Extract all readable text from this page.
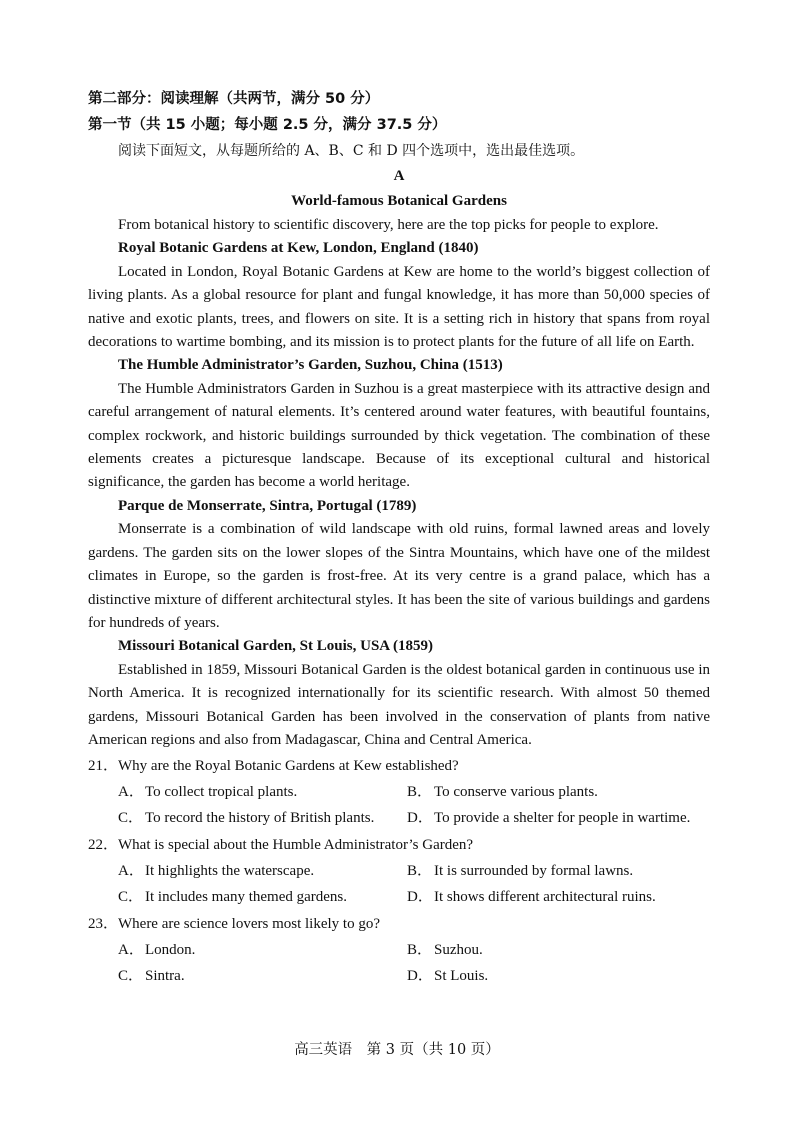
第二部分：阅读理解（共两节，满分 50 分）
第一节（共 15 小题；每小题 2.5 分，满分 37.5 分）
阅读下面短文，从每题所给的 A、B、C 和 D 四个选项中，选出最佳选项。
A
World-famous Botanical Gardens

From botanical history to scientific discovery, here are the top picks for people to explore.

Royal Botanic Gardens at Kew, London, England (1840)

Located in London, Royal Botanic Gardens at Kew are home to the world’s biggest collection of living plants. As a global resource for plant and fungal knowledge, it has more than 50,000 species of native and exotic plants, trees, and flowers on site. It is a setting rich in history that spans from royal decorations to wartime bombing, and its mission is to protect plants for the future of all life on Earth.

The Humble Administrator’s Garden, Suzhou, China (1513)

The Humble Administrators Garden in Suzhou is a great masterpiece with its attractive design and careful arrangement of natural elements. It’s centered around water features, with beautiful fountains, complex rockwork, and historic buildings surrounded by thick vegetation. The combination of these elements creates a picturesque landscape. Because of its exceptional cultural and historical significance, the garden has become a world heritage.

Parque de Monserrate, Sintra, Portugal (1789)

Monserrate is a combination of wild landscape with old ruins, formal lawned areas and lovely gardens. The garden sits on the lower slopes of the Sintra Mountains, which have one of the mildest climates in Europe, so the garden is frost-free. At its very centre is a grand palace, which has a distinctive mixture of different architectural styles. It has been the site of various buildings and gardens for hundreds of years.

Missouri Botanical Garden, St Louis, USA (1859)

Established in 1859, Missouri Botanical Garden is the oldest botanical garden in continuous use in North America. It is recognized internationally for its scientific research. With almost 50 themed gardens, Missouri Botanical Garden has been involved in the conservation of plants from native American regions and also from Madagascar, China and Central America.

21．Why are the Royal Botanic Gardens at Kew established?
A．To collect tropical plants.	B． To conserve various plants.
C． To record the history of British plants.	D．To provide a shelter for people in wartime.
22．What is special about the Humble Administrator’s Garden?
A．It highlights the waterscape.	B． It is surrounded by formal lawns.
C． It includes many themed gardens.	D．It shows different architectural ruins.
23．Where are science lovers most likely to go?
A．London.	B． Suzhou.
C． Sintra.	D．St Louis.
高三英语　第 3 页（共 10 页）
